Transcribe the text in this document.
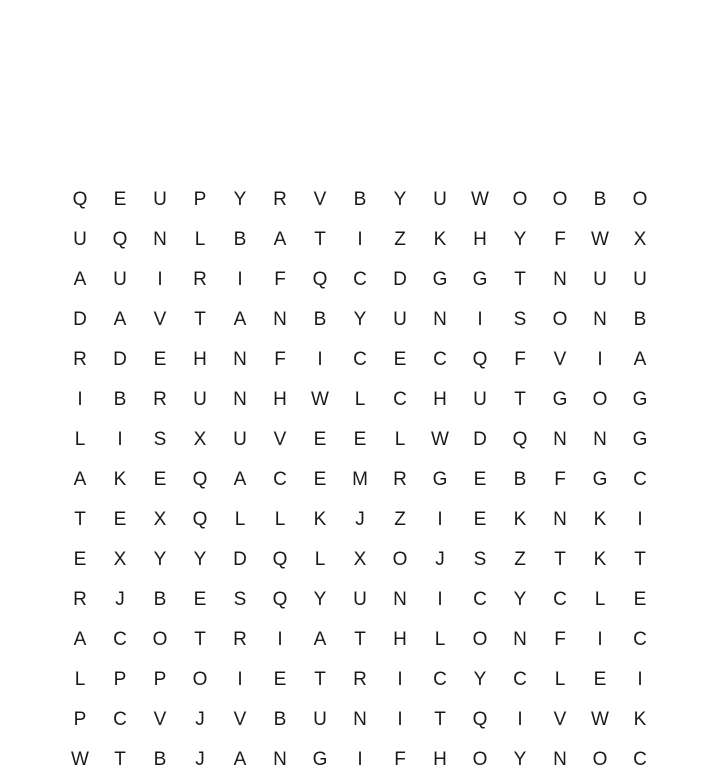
Q	E	U	P	Y	R	V	B	Y	U	W	O	O	B	O
U	Q	N	L	B	A	T	I	Z	K	H	Y	F	W	X
A	U	I	R	I	F	Q	C	D	G	G	T	N	U	U
D	A	V	T	A	N	B	Y	U	N	I	S	O	N	B
R	D	E	H	N	F	I	C	E	C	Q	F	V	I	A
I	B	R	U	N	H	W	L	C	H	U	T	G	O	G
L	I	S	X	U	V	E	E	L	W	D	Q	N	N	G
A	K	E	Q	A	C	E	M	R	G	E	B	F	G	C
T	E	X	Q	L	L	K	J	Z	I	E	K	N	K	I
E	X	Y	Y	D	Q	L	X	O	J	S	Z	T	K	T
R	J	B	E	S	Q	Y	U	N	I	C	Y	C	L	E
A	C	O	T	R	I	A	T	H	L	O	N	F	I	C
L	P	P	O	I	E	T	R	I	C	Y	C	L	E	I
P	C	V	J	V	B	U	N	I	T	Q	I	V	W	K
W	T	B	J	A	N	G	I	F	H	O	Y	N	O	C
